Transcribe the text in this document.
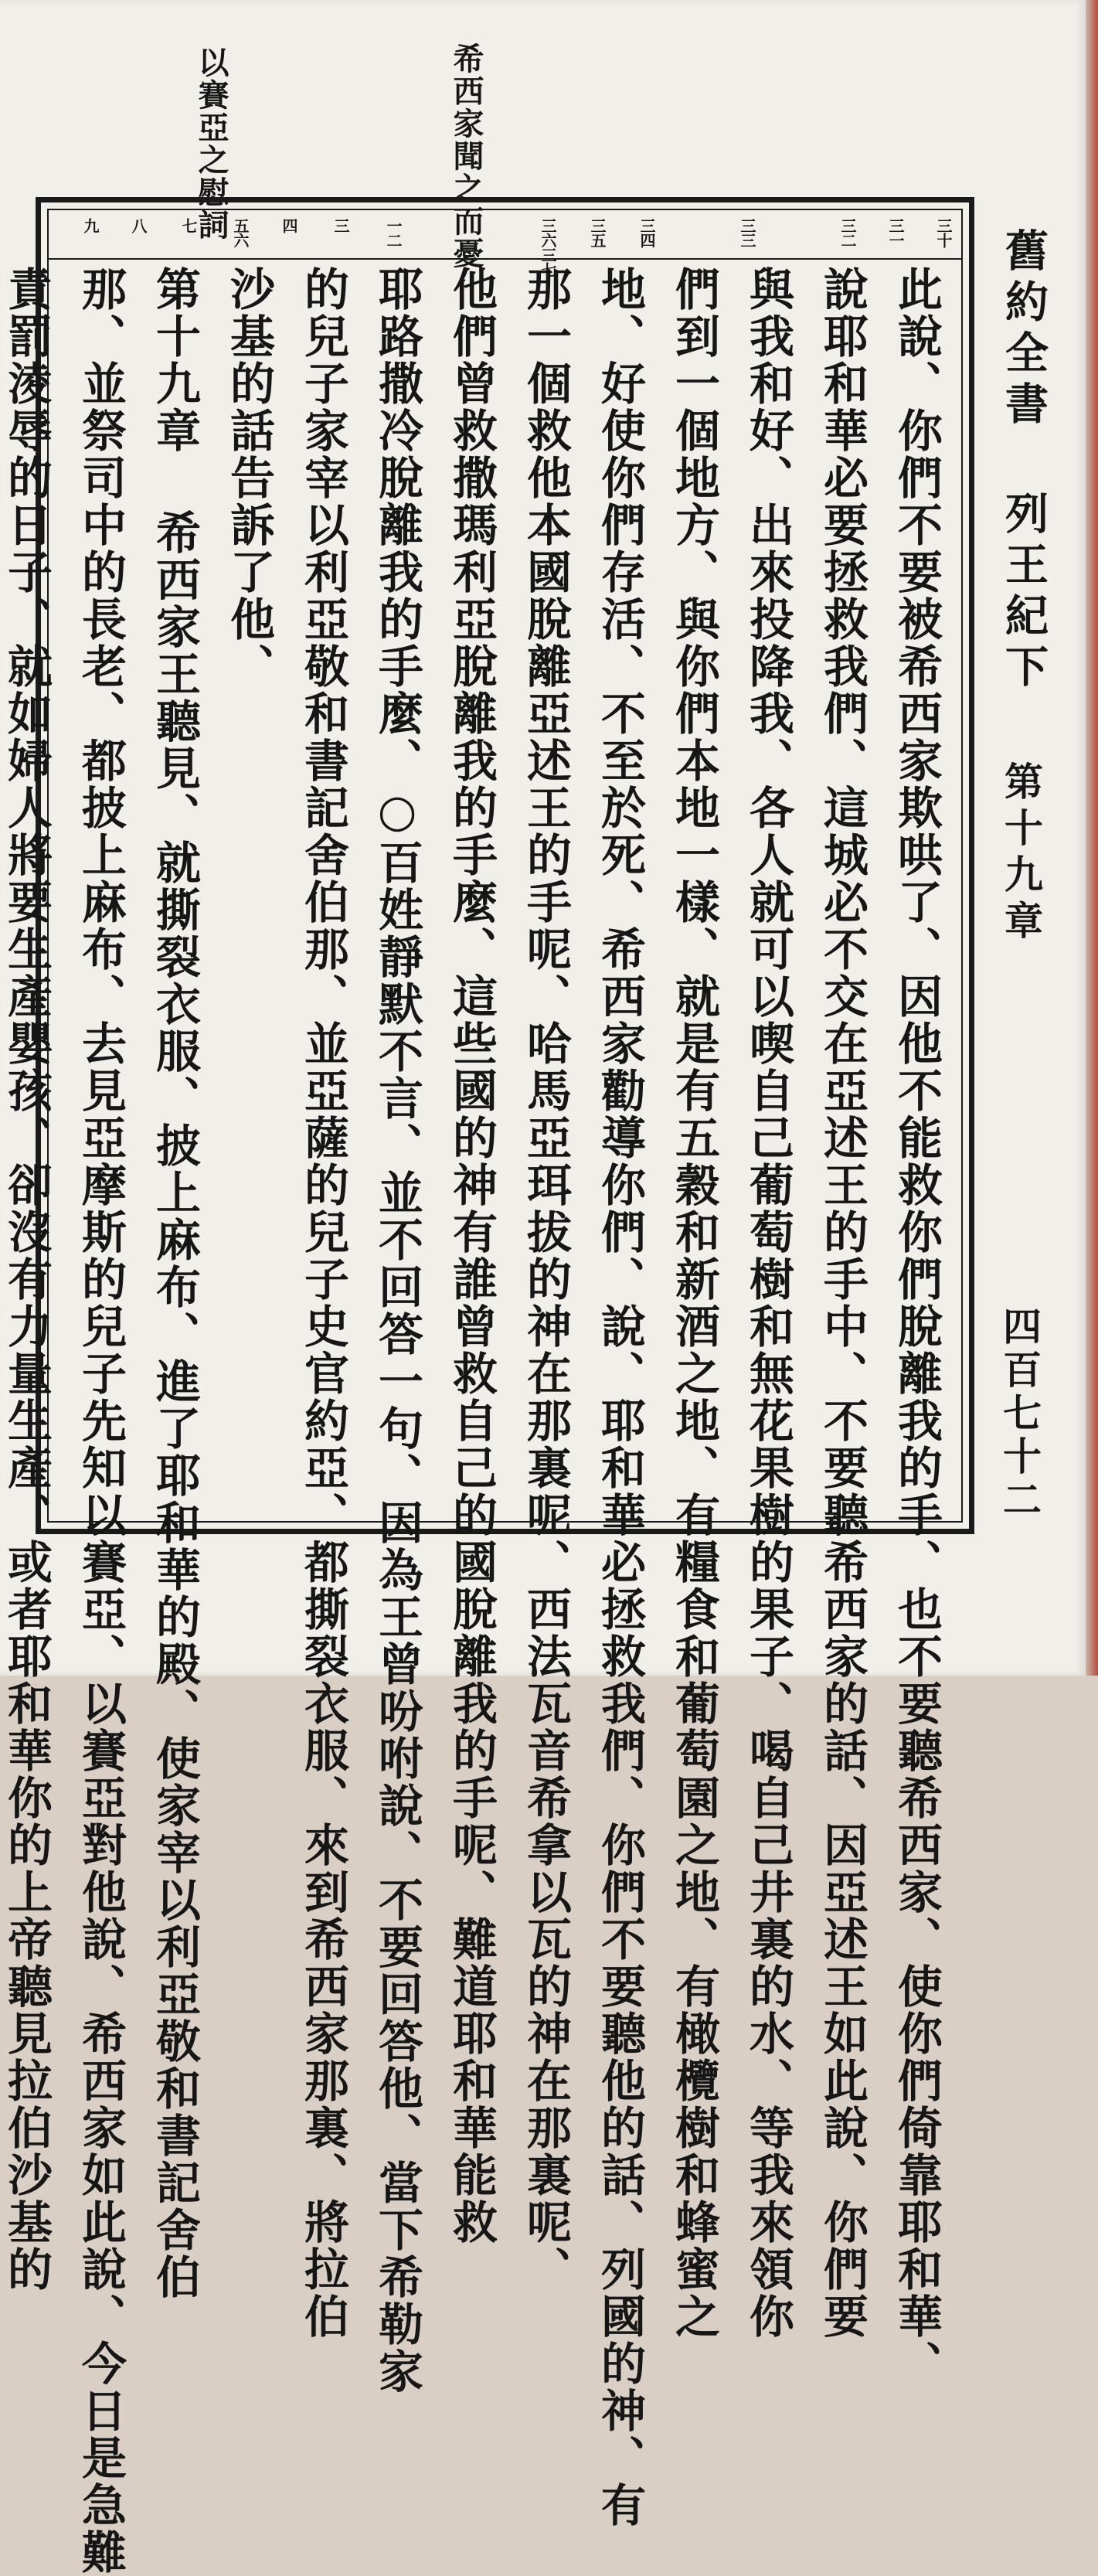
希西家聞之而憂
以賽亞之慰詞
舊約全書 列王紀下
第十九章
四百七十二
三十
三一
三二
三三
三四
三五
三六三七
一二
三
四
五六
七
八
九
此說、你們不要被希西家欺哄了、因他不能救你們脫離我的手、也不要聽希西家、使你們倚靠耶和華、
說耶和華必要拯救我們、這城必不交在亞述王的手中、不要聽希西家的話、因亞述王如此說、你們要
與我和好、出來投降我、各人就可以喫自己葡萄樹和無花果樹的果子、喝自己井裏的水、等我來領你
們到一個地方、與你們本地一樣、就是有五穀和新酒之地、有糧食和葡萄園之地、有橄欖樹和蜂蜜之
地、好使你們存活、不至於死、希西家勸導你們、說、耶和華必拯救我們、你們不要聽他的話、列國的神、有
那一個救他本國脫離亞述王的手呢、哈馬亞珥拔的神在那裏呢、西法瓦音希拿以瓦的神在那裏呢、
他們曾救撒瑪利亞脫離我的手麼、這些國的神有誰曾救自己的國脫離我的手呢、難道耶和華能救
耶路撒冷脫離我的手麼、○百姓靜默不言、並不回答一句、因為王曾吩咐說、不要回答他、當下希勒家
的兒子家宰以利亞敬和書記舍伯那、並亞薩的兒子史官約亞、都撕裂衣服、來到希西家那裏、將拉伯
沙基的話告訴了他、
第十九章 希西家王聽見、就撕裂衣服、披上麻布、進了耶和華的殿、使家宰以利亞敬和書記舍伯
那、並祭司中的長老、都披上麻布、去見亞摩斯的兒子先知以賽亞、以賽亞對他說、希西家如此說、今日是急難
責罰淩辱的日子、就如婦人將要生產嬰孩、卻沒有力量生產、或者耶和華你的上帝聽見拉伯沙基的
